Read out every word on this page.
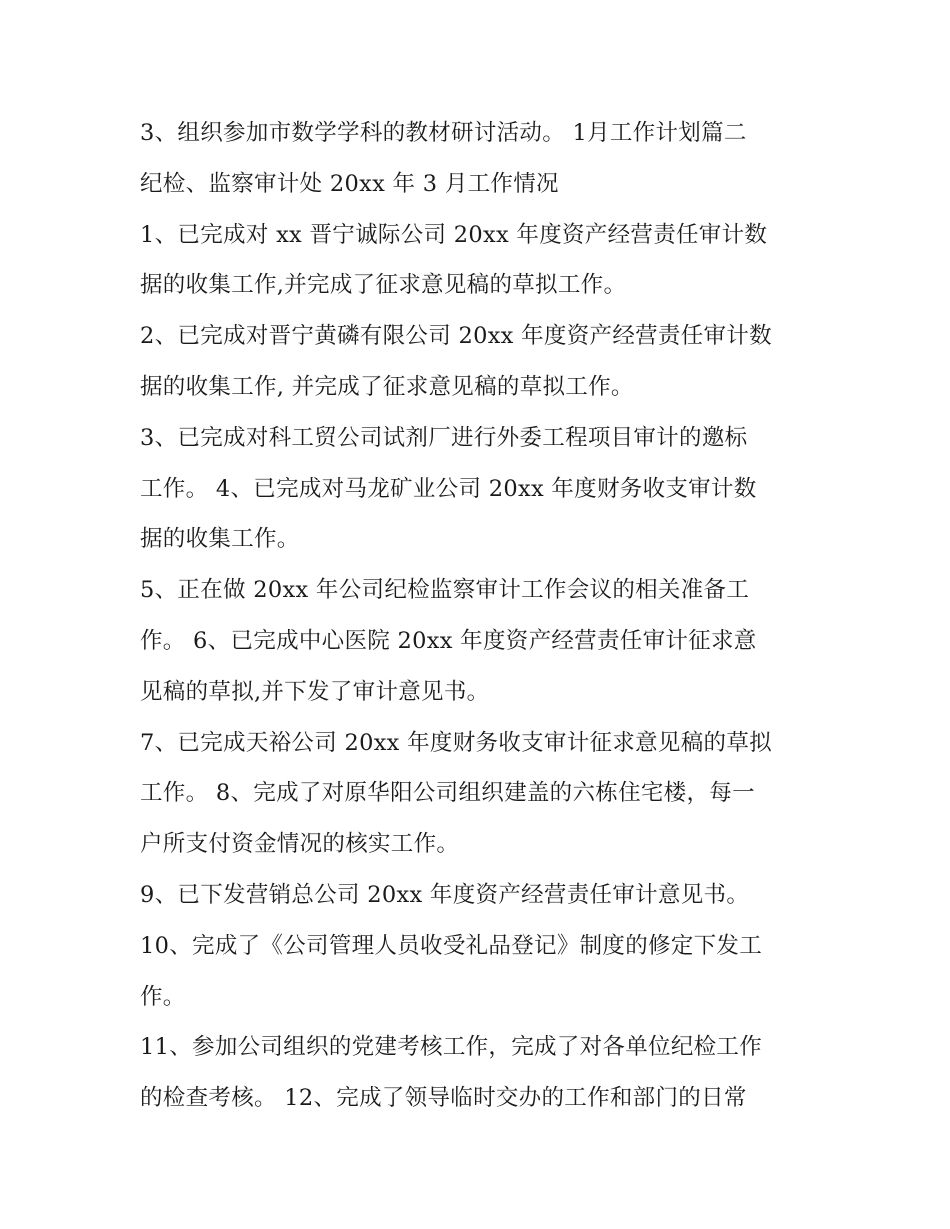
3、组织参加市数学学科的教材研讨活动。 1月工作计划篇二
纪检、监察审计处 20xx 年 3 月工作情况
1、已完成对 xx 晋宁诚际公司 20xx 年度资产经营责任审计数
据的收集工作,并完成了征求意见稿的草拟工作。
2、已完成对晋宁黄磷有限公司 20xx 年度资产经营责任审计数
据的收集工作, 并完成了征求意见稿的草拟工作。
3、已完成对科工贸公司试剂厂进行外委工程项目审计的邀标
工作。 4、已完成对马龙矿业公司 20xx 年度财务收支审计数
据的收集工作。
5、正在做 20xx 年公司纪检监察审计工作会议的相关准备工
作。 6、已完成中心医院 20xx 年度资产经营责任审计征求意
见稿的草拟,并下发了审计意见书。
7、已完成天裕公司 20xx 年度财务收支审计征求意见稿的草拟
工作。 8、完成了对原华阳公司组织建盖的六栋住宅楼，每一
户所支付资金情况的核实工作。
9、已下发营销总公司 20xx 年度资产经营责任审计意见书。
10、完成了《公司管理人员收受礼品登记》制度的修定下发工
作。
11、参加公司组织的党建考核工作，完成了对各单位纪检工作
的检查考核。 12、完成了领导临时交办的工作和部门的日常
